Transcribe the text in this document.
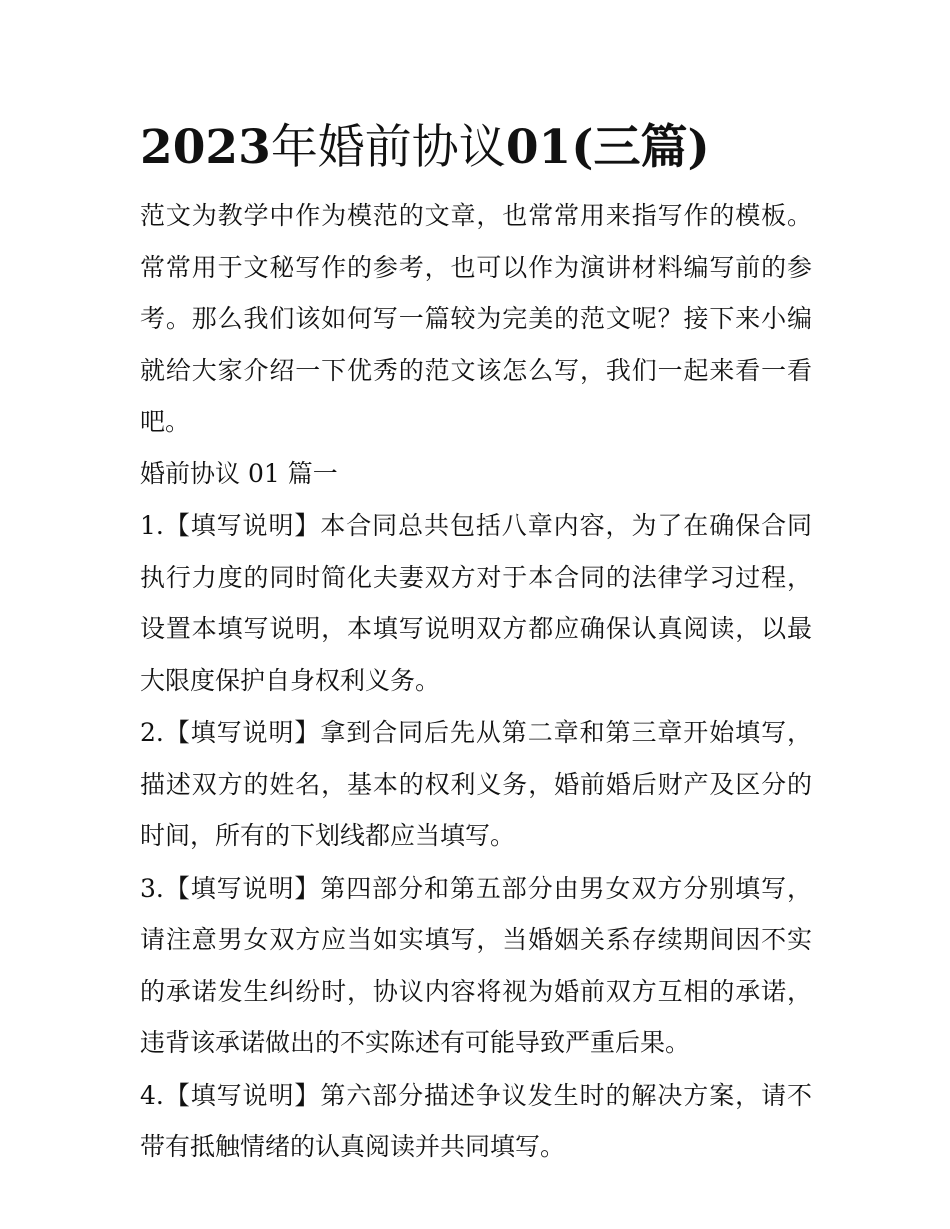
2023年婚前协议01(三篇)

范文为教学中作为模范的文章，也常常用来指写作的模板。常常用于文秘写作的参考，也可以作为演讲材料编写前的参考。那么我们该如何写一篇较为完美的范文呢？接下来小编就给大家介绍一下优秀的范文该怎么写，我们一起来看一看吧。

婚前协议 01 篇一

1.【填写说明】本合同总共包括八章内容，为了在确保合同执行力度的同时简化夫妻双方对于本合同的法律学习过程，设置本填写说明，本填写说明双方都应确保认真阅读，以最大限度保护自身权利义务。

2.【填写说明】拿到合同后先从第二章和第三章开始填写，描述双方的姓名，基本的权利义务，婚前婚后财产及区分的时间，所有的下划线都应当填写。

3.【填写说明】第四部分和第五部分由男女双方分别填写，请注意男女双方应当如实填写，当婚姻关系存续期间因不实的承诺发生纠纷时，协议内容将视为婚前双方互相的承诺，违背该承诺做出的不实陈述有可能导致严重后果。

4.【填写说明】第六部分描述争议发生时的解决方案，请不带有抵触情绪的认真阅读并共同填写。
